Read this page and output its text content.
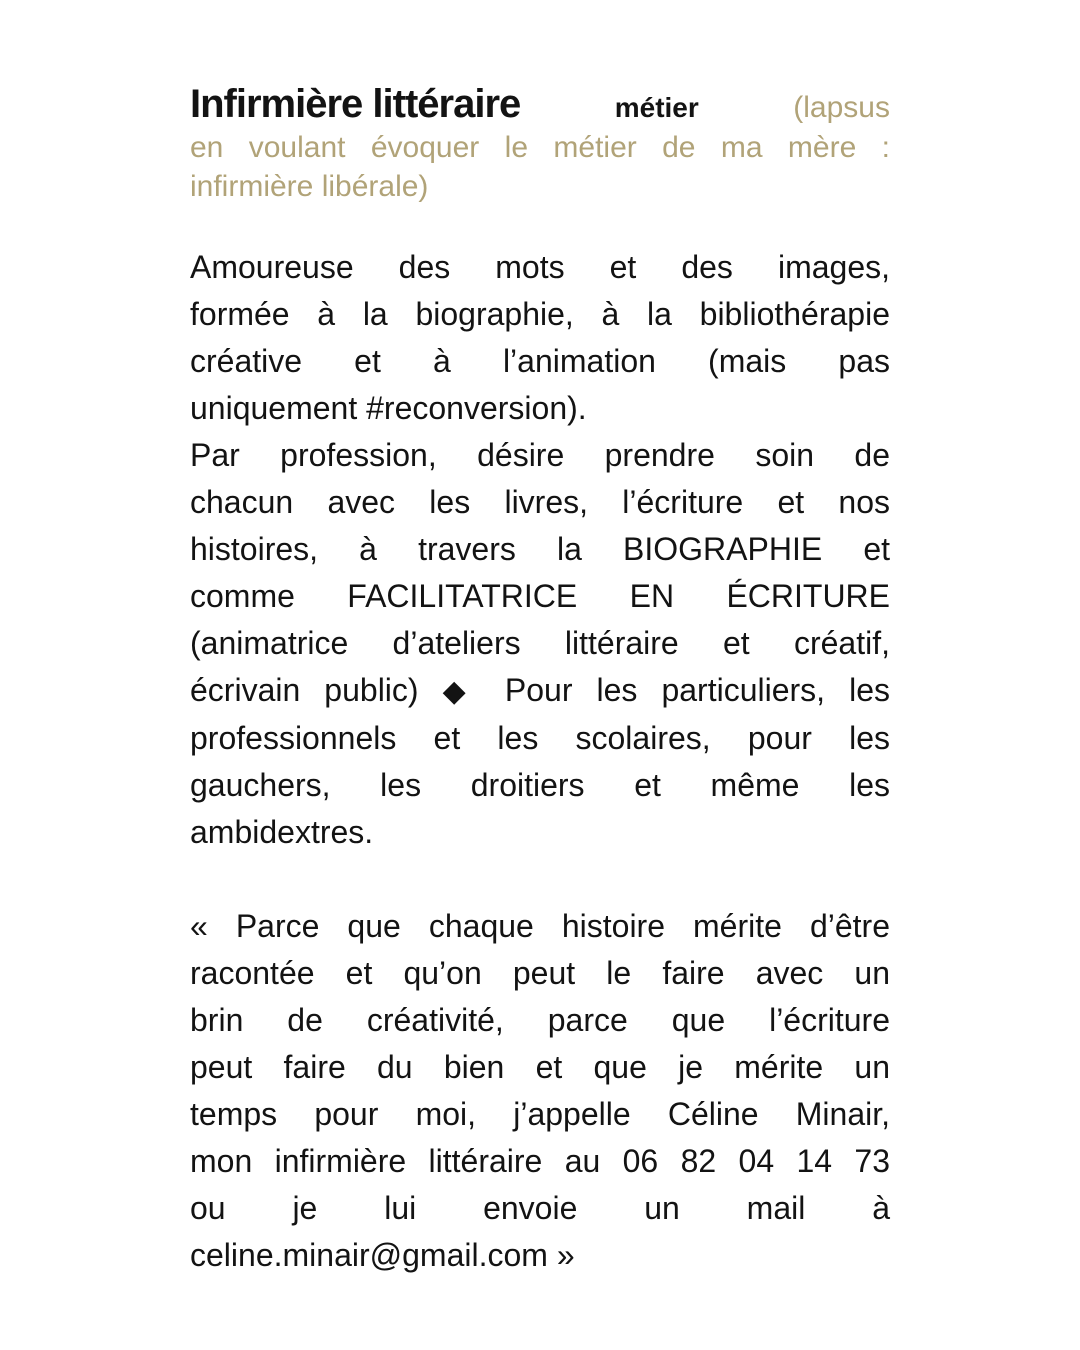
Infirmière littéraire	métier	(lapsus
en voulant évoquer le métier de ma mère :
infirmière libérale)
Amoureuse des mots et des images,
formée à la biographie, à la bibliothérapie
créative et à l’animation (mais pas
uniquement #reconversion).
Par profession, désire prendre soin de
chacun avec les livres, l’écriture et nos
histoires, à travers la BIOGRAPHIE et
comme FACILITATRICE EN ÉCRITURE
(animatrice d’ateliers littéraire et créatif,
écrivain public) ◆ Pour les particuliers, les
professionnels et les scolaires, pour les
gauchers, les droitiers et même les
ambidextres.
« Parce que chaque histoire mérite d’être
racontée et qu’on peut le faire avec un
brin de créativité, parce que l’écriture
peut faire du bien et que je mérite un
temps pour moi, j’appelle Céline Minair,
mon infirmière littéraire au 06 82 04 14 73
ou je lui envoie un mail à
celine.minair@gmail.com »
